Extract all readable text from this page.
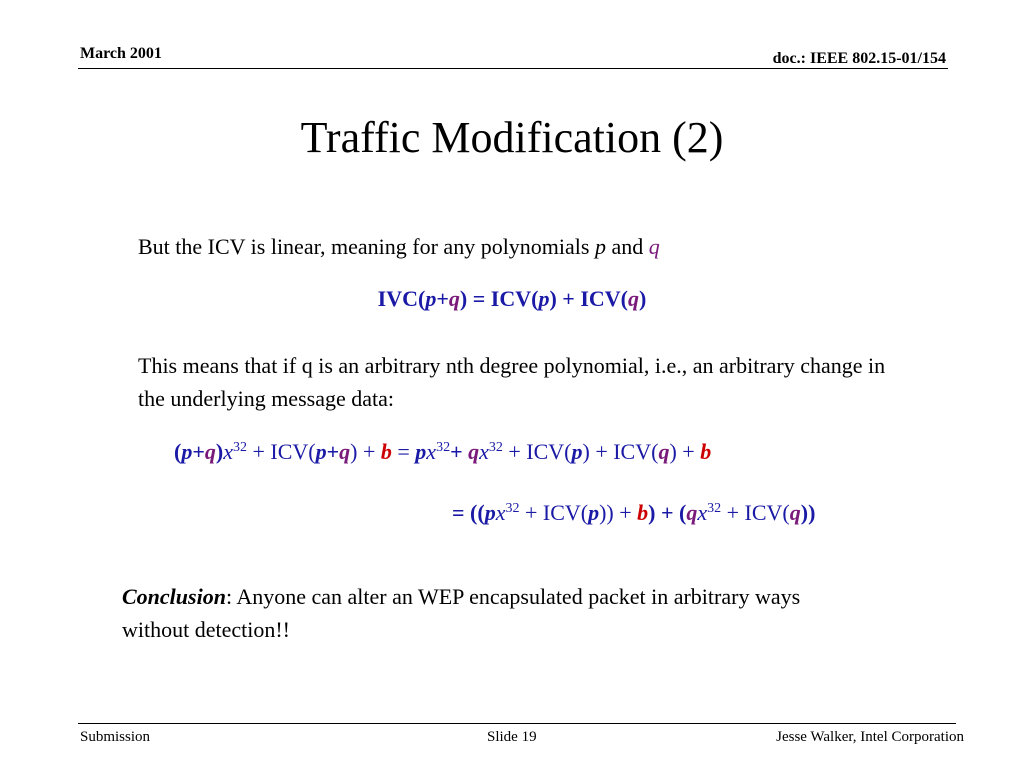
March 2001	doc.: IEEE 802.15-01/154
Traffic Modification (2)
But the ICV is linear, meaning for any polynomials p and q
IVC(p+q) = ICV(p) + ICV(q)
This means that if q is an arbitrary nth degree polynomial, i.e., an arbitrary change in the underlying message data:
$(p+q)x^{32} + ICV(p+q) + b = px^{32}+ qx^{32} + ICV(p) + ICV(q) + b$
= $((px^{32} + ICV(p)) + b) + (qx^{32} + ICV(q))$
Conclusion: Anyone can alter an WEP encapsulated packet in arbitrary ways without detection!!
Submission	Slide 19	Jesse Walker, Intel Corporation
